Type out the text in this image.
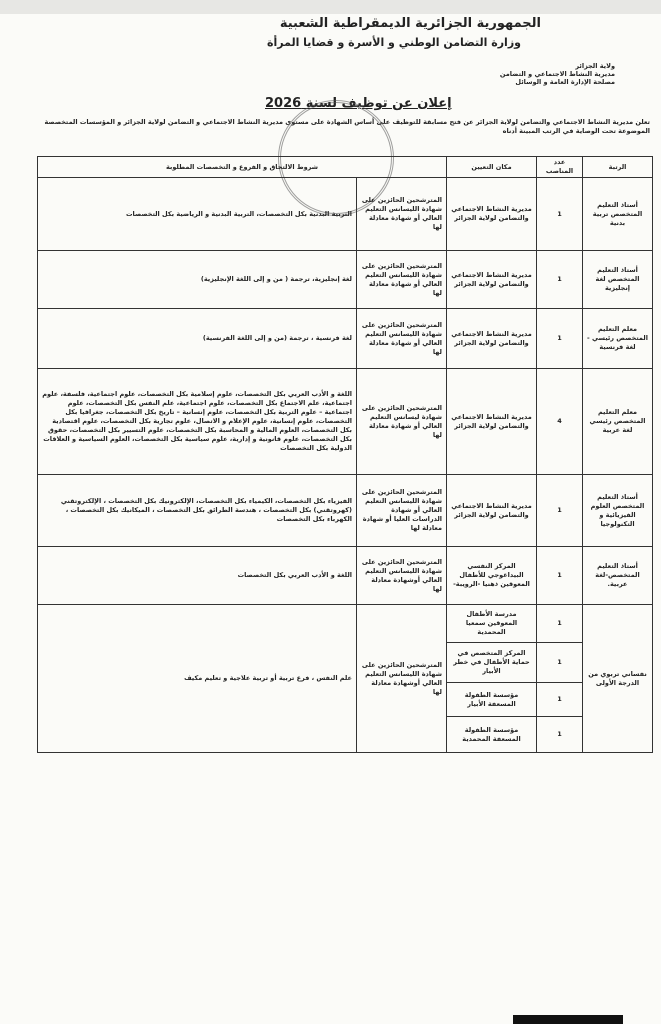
الجمهورية الجزائرية الديمقراطية الشعبية
وزارة التضامن الوطني و الأسرة و قضايا المرأة
ولاية الجزائر
مديرية النشاط الاجتماعي و التضامن
مصلحة الإدارة العامة و الوسائل
إعلان عن توظيف لسنة 2026
تعلن مديرية النشاط الاجتماعي والتضامن لولاية الجزائر عن فتح مسابقة للتوظيف على أساس الشهادة على مستوى مديرية النشاط الاجتماعي و التضامن لولاية الجزائر و المؤسسات المتخصصة الموضوعة تحت الوصاية في الرتب المبينة أدناه
الرتبة	عدد المناصب	مكان التعيين	شروط الالتحاق و الفروع و التخصصات المطلوبة	
أستاذ التعليم المتخصص تربية بدنية	1	مديرية النشاط الاجتماعي والتضامن لولاية الجزائر	المترشحين الحائزين على شهادة الليسانس التعليم العالي أو شهادة معادلة لها	التربية البدنية بكل التخصصات، التربية البدنية و الرياضية بكل التخصصات
أستاذ التعليم المتخصص لغة إنجليزية	1	مديرية النشاط الاجتماعي والتضامن لولاية الجزائر	المترشحين الحائزين على شهادة الليسانس التعليم العالي أو شهادة معادلة لها	لغة إنجليزية، ترجمة ( من و إلى اللغة الإنجليزية)
معلم التعليم المتخصص رئيسي - لغة فرنسية	1	مديرية النشاط الاجتماعي والتضامن لولاية الجزائر	المترشحين الحائزين على شهادة الليسانس التعليم العالي أو شهادة معادلة لها	لغة فرنسية ، ترجمة (من و إلى اللغة الفرنسية)
معلم التعليم المتخصص رئيسي لغة عربية	4	مديرية النشاط الاجتماعي والتضامن لولاية الجزائر	المترشحين الحائزين على شهادة ليسانس التعليم العالي أو شهادة معادلة لها	اللغة و الأدب العربي بكل التخصصات، علوم إسلامية بكل التخصصات، علوم اجتماعية، فلسفة، علوم اجتماعية، علم الاجتماع بكل التخصصات، علوم اجتماعية، علم النفس بكل التخصصات، علوم اجتماعية – علوم التربية بكل التخصصات، علوم إنسانية – تاريخ بكل التخصصات، جغرافيا بكل التخصصات، علوم إنسانية، علوم الإعلام و الاتصال، علوم تجارية بكل التخصصات، علوم اقتصادية بكل التخصصات، العلوم المالية و المحاسبة بكل التخصصات، علوم التسيير بكل التخصصات، حقوق بكل التخصصات، علوم قانونية و إدارية، علوم سياسية بكل التخصصات، العلوم السياسية و العلاقات الدولية بكل التخصصات
أستاذ التعليم المتخصص العلوم الفيزيائية و التكنولوجيا	1	مديرية النشاط الاجتماعي والتضامن لولاية الجزائر	المترشحين الحائزين على شهادة الليسانس التعليم العالي أو شهادة الدراسات العليا أو شهادة معادلة لها	الفيزياء بكل التخصصات، الكيمياء بكل التخصصات، الإلكترونيك بكل التخصصات ، الإلكتروتقني (كهروتقني) بكل التخصصات ، هندسة الطرائق بكل التخصصات ، الميكانيك بكل التخصصات ، الكهرباء بكل التخصصات
أستاذ التعليم المتخصص-لغة عربية.	1	المركز النفسي البيداغوجي للأطفال المعوقين ذهنيا -الرويبة-	المترشحين الحائزين على شهادة الليسانس التعليم العالي أوشهادة معادلة لها	اللغة و الأدب العربي بكل التخصصات
نفساني تربوي من الدرجة الأولى	1	مدرسة الأطفال المعوقين سمعيا المحمدية	المترشحين الحائزين على شهادة الليسانس التعليم العالي أوشهادة معادلة لها	علم النفس ، فرع تربية أو تربية علاجية و تعليم مكيف
	1	المركز المتخصص في حماية الأطفال في خطر الأبيار		
	1	مؤسسة الطفولة المسعفة الأبيار		
	1	مؤسسة الطفولة المسعفة المحمدية		
